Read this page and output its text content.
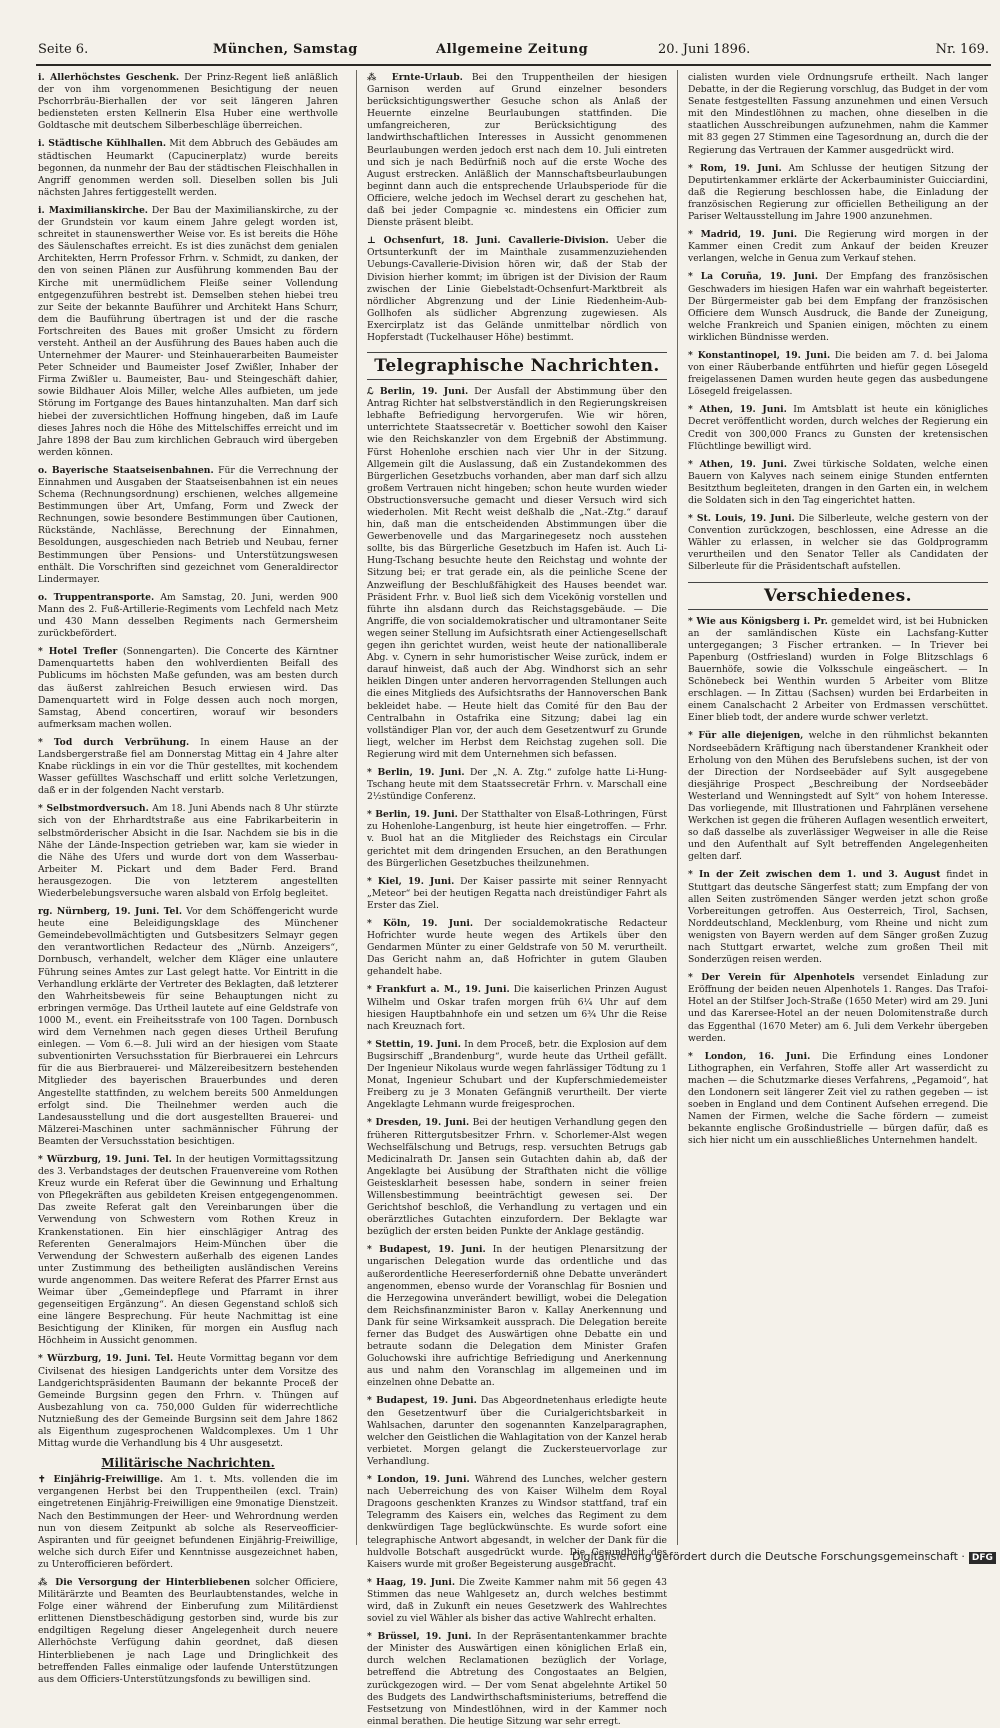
Seite 6.	München, Samstag	Allgemeine Zeitung	20. Juni 1896.	Nr. 169.

i. Allerhöchstes Geschenk. Der Prinz-Regent ließ anläßlich der von ihm vorgenommenen Besichtigung der neuen Pschorrbräu-Bierhallen der vor seit längeren Jahren bediensteten ersten Kellnerin Elsa Huber eine werthvolle Goldtasche mit deutschem Silberbeschläge überreichen.

i. Städtische Kühlhallen. Mit dem Abbruch des Gebäudes am städtischen Heumarkt (Capucinerplatz) wurde bereits begonnen, da nunmehr der Bau der städtischen Fleischhallen in Angriff genommen werden soll. Dieselben sollen bis Juli nächsten Jahres fertiggestellt werden.

i. Maximilianskirche. Der Bau der Maximilianskirche, zu der der Grundstein vor kaum einem Jahre gelegt worden ist, schreitet in staunenswerther Weise vor. Es ist bereits die Höhe des Säulenschaftes erreicht. Es ist dies zunächst dem genialen Architekten, Herrn Professor Frhrn. v. Schmidt, zu danken, der den von seinen Plänen zur Ausführung kommenden Bau der Kirche mit unermüdlichem Fleiße seiner Vollendung entgegenzuführen bestrebt ist. Demselben stehen hiebei treu zur Seite der bekannte Bauführer und Architekt Hans Schurr, dem die Bauführung übertragen ist und der die rasche Fortschreiten des Baues mit großer Umsicht zu fördern versteht. Antheil an der Ausführung des Baues haben auch die Unternehmer der Maurer- und Steinhauerarbeiten Baumeister Peter Schneider und Baumeister Josef Zwißler, Inhaber der Firma Zwißler u. Baumeister, Bau- und Steingeschäft dahier, sowie Bildhauer Alois Miller, welche Alles aufbieten, um jede Störung im Fortgange des Baues hintanzuhalten. Man darf sich hiebei der zuversichtlichen Hoffnung hingeben, daß im Laufe dieses Jahres noch die Höhe des Mittelschiffes erreicht und im Jahre 1898 der Bau zum kirchlichen Gebrauch wird übergeben werden können.

o. Bayerische Staatseisenbahnen. Für die Verrechnung der Einnahmen und Ausgaben der Staatseisenbahnen ist ein neues Schema (Rechnungsordnung) erschienen, welches allgemeine Bestimmungen über Art, Umfang, Form und Zweck der Rechnungen, sowie besondere Bestimmungen über Cautionen, Rückstände, Nachlässe, Berechnung der Einnahmen, Besoldungen, ausgeschieden nach Betrieb und Neubau, ferner Bestimmungen über Pensions- und Unterstützungswesen enthält. Die Vorschriften sind gezeichnet vom Generaldirector Lindermayer.

o. Truppentransporte. Am Samstag, 20. Juni, werden 900 Mann des 2. Fuß-Artillerie-Regiments vom Lechfeld nach Metz und 430 Mann desselben Regiments nach Germersheim zurückbefördert.

* Hotel Trefler (Sonnengarten). Die Concerte des Kärntner Damenquartetts haben den wohlverdienten Beifall des Publicums im höchsten Maße gefunden, was am besten durch das äußerst zahlreichen Besuch erwiesen wird. Das Damenquartett wird in Folge dessen auch noch morgen, Samstag, Abend concertiren, worauf wir besonders aufmerksam machen wollen.

* Tod durch Verbrühung. In einem Hause an der Landsbergerstraße fiel am Donnerstag Mittag ein 4 Jahre alter Knabe rücklings in ein vor die Thür gestelltes, mit kochendem Wasser gefülltes Waschschaff und erlitt solche Verletzungen, daß er in der folgenden Nacht verstarb.

* Selbstmordversuch. Am 18. Juni Abends nach 8 Uhr stürzte sich von der Ehrhardtstraße aus eine Fabrikarbeiterin in selbstmörderischer Absicht in die Isar. Nachdem sie bis in die Nähe der Lände-Inspection getrieben war, kam sie wieder in die Nähe des Ufers und wurde dort von dem Wasserbau-Arbeiter M. Pickart und dem Bader Ferd. Brand herausgezogen. Die von letzterem angestellten Wiederbelebungsversuche waren alsbald von Erfolg begleitet.

rg. Nürnberg, 19. Juni. Tel. Vor dem Schöffengericht wurde heute eine Beleidigungsklage des Münchener Gemeindebevollmächtigten und Gutsbesitzers Selmayr gegen den verantwortlichen Redacteur des „Nürnb. Anzeigers“, Dornbusch, verhandelt, welcher dem Kläger eine unlautere Führung seines Amtes zur Last gelegt hatte. Vor Eintritt in die Verhandlung erklärte der Vertreter des Beklagten, daß letzterer den Wahrheitsbeweis für seine Behauptungen nicht zu erbringen vermöge. Das Urtheil lautete auf eine Geldstrafe von 1000 M., event. ein Freiheitsstrafe von 100 Tagen. Dornbusch wird dem Vernehmen nach gegen dieses Urtheil Berufung einlegen. — Vom 6.—8. Juli wird an der hiesigen vom Staate subventionirten Versuchsstation für Bierbrauerei ein Lehrcurs für die aus Bierbrauerei- und Mälzereibesitzern bestehenden Mitglieder des bayerischen Brauerbundes und deren Angestellte stattfinden, zu welchem bereits 500 Anmeldungen erfolgt sind. Die Theilnehmer werden auch die Landesausstellung und die dort ausgestellten Brauerei- und Mälzerei-Maschinen unter sachmännischer Führung der Beamten der Versuchsstation besichtigen.

* Würzburg, 19. Juni. Tel. In der heutigen Vormittagssitzung des 3. Verbandstages der deutschen Frauenvereine vom Rothen Kreuz wurde ein Referat über die Gewinnung und Erhaltung von Pflegekräften aus gebildeten Kreisen entgegengenommen. Das zweite Referat galt den Vereinbarungen über die Verwendung von Schwestern vom Rothen Kreuz in Krankenstationen. Ein hier einschlägiger Antrag des Referenten Generalmajors Heim-München über die Verwendung der Schwestern außerhalb des eigenen Landes unter Zustimmung des betheiligten ausländischen Vereins wurde angenommen. Das weitere Referat des Pfarrer Ernst aus Weimar über „Gemeindepflege und Pfarramt in ihrer gegenseitigen Ergänzung“. An diesen Gegenstand schloß sich eine längere Besprechung. Für heute Nachmittag ist eine Besichtigung der Kliniken, für morgen ein Ausflug nach Höchheim in Aussicht genommen.

* Würzburg, 19. Juni. Tel. Heute Vormittag begann vor dem Civilsenat des hiesigen Landgerichts unter dem Vorsitze des Landgerichtspräsidenten Baumann der bekannte Proceß der Gemeinde Burgsinn gegen den Frhrn. v. Thüngen auf Ausbezahlung von ca. 750,000 Gulden für widerrechtliche Nutznießung des der Gemeinde Burgsinn seit dem Jahre 1862 als Eigenthum zugesprochenen Waldcomplexes. Um 1 Uhr Mittag wurde die Verhandlung bis 4 Uhr ausgesetzt.

Militärische Nachrichten.

✝ Einjährig-Freiwillige. Am 1. t. Mts. vollenden die im vergangenen Herbst bei den Truppentheilen (excl. Train) eingetretenen Einjährig-Freiwilligen eine 9monatige Dienstzeit. Nach den Bestimmungen der Heer- und Wehrordnung werden nun von diesem Zeitpunkt ab solche als Reserveofficier-Aspiranten und für geeignet befundenen Einjährig-Freiwillige, welche sich durch Eifer und Kenntnisse ausgezeichnet haben, zu Unterofficieren befördert.

⁂ Die Versorgung der Hinterbliebenen solcher Officiere, Militärärzte und Beamten des Beurlaubtenstandes, welche in Folge einer während der Einberufung zum Militärdienst erlittenen Dienstbeschädigung gestorben sind, wurde bis zur endgiltigen Regelung dieser Angelegenheit durch neuere Allerhöchste Verfügung dahin geordnet, daß diesen Hinterbliebenen je nach Lage und Dringlichkeit des betreffenden Falles einmalige oder laufende Unterstützungen aus dem Officiers-Unterstützungsfonds zu bewilligen sind.

⁂ Ernte-Urlaub. Bei den Truppentheilen der hiesigen Garnison werden auf Grund einzelner besonders berücksichtigungswerther Gesuche schon als Anlaß der Heuernte einzelne Beurlaubungen stattfinden. Die umfangreicheren, zur Berücksichtigung des landwirthschaftlichen Interesses in Aussicht genommenen Beurlaubungen werden jedoch erst nach dem 10. Juli eintreten und sich je nach Bedürfniß noch auf die erste Woche des August erstrecken. Anläßlich der Mannschaftsbeurlaubungen beginnt dann auch die entsprechende Urlaubsperiode für die Officiere, welche jedoch im Wechsel derart zu geschehen hat, daß bei jeder Compagnie ꝛc. mindestens ein Officier zum Dienste präsent bleibt.

⊥ Ochsenfurt, 18. Juni. Cavallerie-Division. Ueber die Ortsunterkunft der im Mainthale zusammenzuziehenden Uebungs-Cavallerie-Division hören wir, daß der Stab der Division hierher kommt; im übrigen ist der Division der Raum zwischen der Linie Giebelstadt-Ochsenfurt-Marktbreit als nördlicher Abgrenzung und der Linie Riedenheim-Aub-Gollhofen als südlicher Abgrenzung zugewiesen. Als Exercirplatz ist das Gelände unmittelbar nördlich von Hopferstadt (Tuckelhauser Höhe) bestimmt.

Telegraphische Nachrichten.

ℒ Berlin, 19. Juni. Der Ausfall der Abstimmung über den Antrag Richter hat selbstverständlich in den Regierungskreisen lebhafte Befriedigung hervorgerufen. Wie wir hören, unterrichtete Staatssecretär v. Boetticher sowohl den Kaiser wie den Reichskanzler von dem Ergebniß der Abstimmung. Fürst Hohenlohe erschien nach vier Uhr in der Sitzung. Allgemein gilt die Auslassung, daß ein Zustandekommen des Bürgerlichen Gesetzbuchs vorhanden, aber man darf sich allzu großem Vertrauen nicht hingeben; schon heute wurden wieder Obstructionsversuche gemacht und dieser Versuch wird sich wiederholen. Mit Recht weist deßhalb die „Nat.-Ztg.“ darauf hin, daß man die entscheidenden Abstimmungen über die Gewerbenovelle und das Margarinegesetz noch ausstehen sollte, bis das Bürgerliche Gesetzbuch im Hafen ist. Auch Li-Hung-Tschang besuchte heute den Reichstag und wohnte der Sitzung bei; er trat gerade ein, als die peinliche Scene der Anzweiflung der Beschlußfähigkeit des Hauses beendet war. Präsident Frhr. v. Buol ließ sich dem Vicekönig vorstellen und führte ihn alsdann durch das Reichstagsgebäude. — Die Angriffe, die von socialdemokratischer und ultramontaner Seite wegen seiner Stellung im Aufsichtsrath einer Actiengesellschaft gegen ihn gerichtet wurden, weist heute der nationalliberale Abg. v. Cynern in sehr humoristischer Weise zurück, indem er darauf hinweist, daß auch der Abg. Windhorst sich an sehr heiklen Dingen unter anderen hervorragenden Stellungen auch die eines Mitglieds des Aufsichtsraths der Hannoverschen Bank bekleidet habe. — Heute hielt das Comité für den Bau der Centralbahn in Ostafrika eine Sitzung; dabei lag ein vollständiger Plan vor, der auch dem Gesetzentwurf zu Grunde liegt, welcher im Herbst dem Reichstag zugehen soll. Die Regierung wird mit dem Unternehmen sich befassen.

* Berlin, 19. Juni. Der „N. A. Ztg.“ zufolge hatte Li-Hung-Tschang heute mit dem Staatssecretär Frhrn. v. Marschall eine 2½stündige Conferenz.

* Berlin, 19. Juni. Der Statthalter von Elsaß-Lothringen, Fürst zu Hohenlohe-Langenburg, ist heute hier eingetroffen. — Frhr. v. Buol hat an die Mitglieder des Reichstags ein Circular gerichtet mit dem dringenden Ersuchen, an den Berathungen des Bürgerlichen Gesetzbuches theilzunehmen.

* Kiel, 19. Juni. Der Kaiser passirte mit seiner Rennyacht „Meteor“ bei der heutigen Regatta nach dreistündiger Fahrt als Erster das Ziel.

* Köln, 19. Juni. Der socialdemokratische Redacteur Hofrichter wurde heute wegen des Artikels über den Gendarmen Münter zu einer Geldstrafe von 50 M. verurtheilt. Das Gericht nahm an, daß Hofrichter in gutem Glauben gehandelt habe.

* Frankfurt a. M., 19. Juni. Die kaiserlichen Prinzen August Wilhelm und Oskar trafen morgen früh 6¼ Uhr auf dem hiesigen Hauptbahnhofe ein und setzen um 6¾ Uhr die Reise nach Kreuznach fort.

* Stettin, 19. Juni. In dem Proceß, betr. die Explosion auf dem Bugsirschiff „Brandenburg“, wurde heute das Urtheil gefällt. Der Ingenieur Nikolaus wurde wegen fahrlässiger Tödtung zu 1 Monat, Ingenieur Schubart und der Kupferschmiedemeister Freiberg zu je 3 Monaten Gefängniß verurtheilt. Der vierte Angeklagte Lehmann wurde freigesprochen.

* Dresden, 19. Juni. Bei der heutigen Verhandlung gegen den früheren Rittergutsbesitzer Frhrn. v. Schorlemer-Alst wegen Wechselfälschung und Betrugs, resp. versuchten Betrugs gab Medicinalrath Dr. Jansen sein Gutachten dahin ab, daß der Angeklagte bei Ausübung der Strafthaten nicht die völlige Geistesklarheit besessen habe, sondern in seiner freien Willensbestimmung beeinträchtigt gewesen sei. Der Gerichtshof beschloß, die Verhandlung zu vertagen und ein oberärztliches Gutachten einzufordern. Der Beklagte war bezüglich der ersten beiden Punkte der Anklage geständig.

* Budapest, 19. Juni. In der heutigen Plenarsitzung der ungarischen Delegation wurde das ordentliche und das außerordentliche Heereserforderniß ohne Debatte unverändert angenommen, ebenso wurde der Voranschlag für Bosnien und die Herzegowina unverändert bewilligt, wobei die Delegation dem Reichsfinanzminister Baron v. Kallay Anerkennung und Dank für seine Wirksamkeit aussprach. Die Delegation bereite ferner das Budget des Auswärtigen ohne Debatte ein und betraute sodann die Delegation dem Minister Grafen Goluchowski ihre aufrichtige Befriedigung und Anerkennung aus und nahm den Voranschlag im allgemeinen und im einzelnen ohne Debatte an.

* Budapest, 19. Juni. Das Abgeordnetenhaus erledigte heute den Gesetzentwurf über die Curialgerichtsbarkeit in Wahlsachen, darunter den sogenannten Kanzelparagraphen, welcher den Geistlichen die Wahlagitation von der Kanzel herab verbietet. Morgen gelangt die Zuckersteuervorlage zur Verhandlung.

* London, 19. Juni. Während des Lunches, welcher gestern nach Ueberreichung des von Kaiser Wilhelm dem Royal Dragoons geschenkten Kranzes zu Windsor stattfand, traf ein Telegramm des Kaisers ein, welches das Regiment zu dem denkwürdigen Tage beglückwünschte. Es wurde sofort eine telegraphische Antwort abgesandt, in welcher der Dank für die huldvolle Botschaft ausgedrückt wurde. Die Gesundheit des Kaisers wurde mit großer Begeisterung ausgebracht.

* Haag, 19. Juni. Die Zweite Kammer nahm mit 56 gegen 43 Stimmen das neue Wahlgesetz an, durch welches bestimmt wird, daß in Zukunft ein neues Gesetzwerk des Wahlrechtes soviel zu viel Wähler als bisher das active Wahlrecht erhalten.

* Brüssel, 19. Juni. In der Repräsentantenkammer brachte der Minister des Auswärtigen einen königlichen Erlaß ein, durch welchen Reclamationen bezüglich der Vorlage, betreffend die Abtretung des Congostaates an Belgien, zurückgezogen wird. — Der vom Senat abgelehnte Artikel 50 des Budgets des Landwirthschaftsministeriums, betreffend die Festsetzung von Mindestlöhnen, wird in der Kammer noch einmal berathen. Die heutige Sitzung war sehr erregt.

cialisten wurden viele Ordnungsrufe ertheilt. Nach langer Debatte, in der die Regierung vorschlug, das Budget in der vom Senate festgestellten Fassung anzunehmen und einen Versuch mit den Mindestlöhnen zu machen, ohne dieselben in die staatlichen Ausschreibungen aufzunehmen, nahm die Kammer mit 83 gegen 27 Stimmen eine Tagesordnung an, durch die der Regierung das Vertrauen der Kammer ausgedrückt wird.

* Rom, 19. Juni. Am Schlusse der heutigen Sitzung der Deputirtenkammer erklärte der Ackerbauminister Guicciardini, daß die Regierung beschlossen habe, die Einladung der französischen Regierung zur officiellen Betheiligung an der Pariser Weltausstellung im Jahre 1900 anzunehmen.

* Madrid, 19. Juni. Die Regierung wird morgen in der Kammer einen Credit zum Ankauf der beiden Kreuzer verlangen, welche in Genua zum Verkauf stehen.

* La Coruña, 19. Juni. Der Empfang des französischen Geschwaders im hiesigen Hafen war ein wahrhaft begeisterter. Der Bürgermeister gab bei dem Empfang der französischen Officiere dem Wunsch Ausdruck, die Bande der Zuneigung, welche Frankreich und Spanien einigen, möchten zu einem wirklichen Bündnisse werden.

* Konstantinopel, 19. Juni. Die beiden am 7. d. bei Jaloma von einer Räuberbande entführten und hiefür gegen Lösegeld freigelassenen Damen wurden heute gegen das ausbedungene Lösegeld freigelassen.

* Athen, 19. Juni. Im Amtsblatt ist heute ein königliches Decret veröffentlicht worden, durch welches der Regierung ein Credit von 300,000 Francs zu Gunsten der kretensischen Flüchtlinge bewilligt wird.

* Athen, 19. Juni. Zwei türkische Soldaten, welche einen Bauern von Kalyves nach seinem einige Stunden entfernten Besitzthum begleiteten, drangen in den Garten ein, in welchem die Soldaten sich in den Tag eingerichtet hatten.

* St. Louis, 19. Juni. Die Silberleute, welche gestern von der Convention zurückzogen, beschlossen, eine Adresse an die Wähler zu erlassen, in welcher sie das Goldprogramm verurtheilen und den Senator Teller als Candidaten der Silberleute für die Präsidentschaft aufstellen.

Verschiedenes.

* Wie aus Königsberg i. Pr. gemeldet wird, ist bei Hubnicken an der samländischen Küste ein Lachsfang-Kutter untergegangen; 3 Fischer ertranken. — In Triever bei Papenburg (Ostfriesland) wurden in Folge Blitzschlags 6 Bauernhöfe, sowie die Volksschule eingeäschert. — In Schönebeck bei Wenthin wurden 5 Arbeiter vom Blitze erschlagen. — In Zittau (Sachsen) wurden bei Erdarbeiten in einem Canalschacht 2 Arbeiter von Erdmassen verschüttet. Einer blieb todt, der andere wurde schwer verletzt.

* Für alle diejenigen, welche in den rühmlichst bekannten Nordseebädern Kräftigung nach überstandener Krankheit oder Erholung von den Mühen des Berufslebens suchen, ist der von der Direction der Nordseebäder auf Sylt ausgegebene diesjährige Prospect „Beschreibung der Nordseebäder Westerland und Wenningstedt auf Sylt“ von hohem Interesse. Das vorliegende, mit Illustrationen und Fahrplänen versehene Werkchen ist gegen die früheren Auflagen wesentlich erweitert, so daß dasselbe als zuverlässiger Wegweiser in alle die Reise und den Aufenthalt auf Sylt betreffenden Angelegenheiten gelten darf.

* In der Zeit zwischen dem 1. und 3. August findet in Stuttgart das deutsche Sängerfest statt; zum Empfang der von allen Seiten zuströmenden Sänger werden jetzt schon große Vorbereitungen getroffen. Aus Oesterreich, Tirol, Sachsen, Norddeutschland, Mecklenburg, vom Rheine und nicht zum wenigsten von Bayern werden auf dem Sänger großen Zuzug nach Stuttgart erwartet, welche zum großen Theil mit Sonderzügen reisen werden.

* Der Verein für Alpenhotels versendet Einladung zur Eröffnung der beiden neuen Alpenhotels 1. Ranges. Das Trafoi-Hotel an der Stilfser Joch-Straße (1650 Meter) wird am 29. Juni und das Karersee-Hotel an der neuen Dolomitenstraße durch das Eggenthal (1670 Meter) am 6. Juli dem Verkehr übergeben werden.

* London, 16. Juni. Die Erfindung eines Londoner Lithographen, ein Verfahren, Stoffe aller Art wasserdicht zu machen — die Schutzmarke dieses Verfahrens, „Pegamoid“, hat den Londonern seit längerer Zeit viel zu rathen gegeben — ist soeben in England und dem Continent Aufsehen erregend. Die Namen der Firmen, welche die Sache fördern — zumeist bekannte englische Großindustrielle — bürgen dafür, daß es sich hier nicht um ein ausschließliches Unternehmen handelt.

Digitalisierung gefördert durch die Deutsche Forschungsgemeinschaft · DFG
